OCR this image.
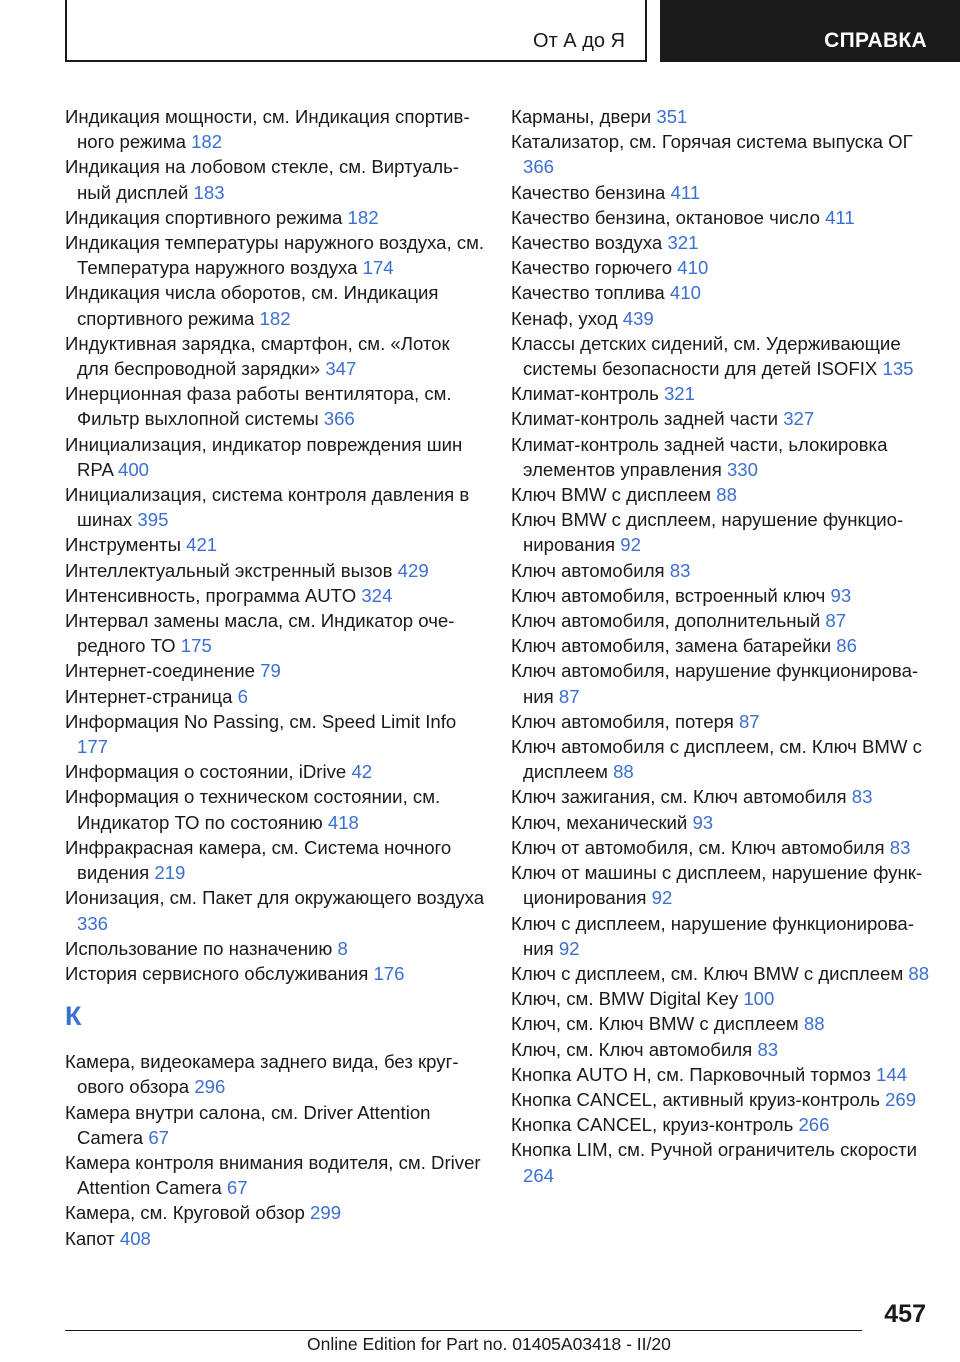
От А до Я	СПРАВКА
Индикация мощности, см. Индикация спортивного режима 182
Индикация на лобовом стекле, см. Виртуальный дисплей 183
Индикация спортивного режима 182
Индикация температуры наружного воздуха, см. Температура наружного воздуха 174
Индикация числа оборотов, см. Индикация спортивного режима 182
Индуктивная зарядка, смартфон, см. «Лоток для беспроводной зарядки» 347
Инерционная фаза работы вентилятора, см. Фильтр выхлопной системы 366
Инициализация, индикатор повреждения шин RPA 400
Инициализация, система контроля давления в шинах 395
Инструменты 421
Интеллектуальный экстренный вызов 429
Интенсивность, программа AUTO 324
Интервал замены масла, см. Индикатор очередного ТО 175
Интернет-соединение 79
Интернет-страница 6
Информация No Passing, см. Speed Limit Info 177
Информация о состоянии, iDrive 42
Информация о техническом состоянии, см. Индикатор ТО по состоянию 418
Инфракрасная камера, см. Система ночного видения 219
Ионизация, см. Пакет для окружающего воздуха 336
Использование по назначению 8
История сервисного обслуживания 176
К
Камера, видеокамера заднего вида, без кругового обзора 296
Камера внутри салона, см. Driver Attention Camera 67
Камера контроля внимания водителя, см. Driver Attention Camera 67
Камера, см. Круговой обзор 299
Капот 408
Карманы, двери 351
Катализатор, см. Горячая система выпуска ОГ 366
Качество бензина 411
Качество бензина, октановое число 411
Качество воздуха 321
Качество горючего 410
Качество топлива 410
Кенаф, уход 439
Классы детских сидений, см. Удерживающие системы безопасности для детей ISOFIX 135
Климат-контроль 321
Климат-контроль задней части 327
Климат-контроль задней части, ьлокировка элементов управления 330
Ключ BMW с дисплеем 88
Ключ BMW с дисплеем, нарушение функционирования 92
Ключ автомобиля 83
Ключ автомобиля, встроенный ключ 93
Ключ автомобиля, дополнительный 87
Ключ автомобиля, замена батарейки 86
Ключ автомобиля, нарушение функционирования 87
Ключ автомобиля, потеря 87
Ключ автомобиля с дисплеем, см. Ключ BMW с дисплеем 88
Ключ зажигания, см. Ключ автомобиля 83
Ключ, механический 93
Ключ от автомобиля, см. Ключ автомобиля 83
Ключ от машины с дисплеем, нарушение функционирования 92
Ключ с дисплеем, нарушение функционирования 92
Ключ с дисплеем, см. Ключ BMW с дисплеем 88
Ключ, см. BMW Digital Key 100
Ключ, см. Ключ BMW с дисплеем 88
Ключ, см. Ключ автомобиля 83
Кнопка AUTO H, см. Парковочный тормоз 144
Кнопка CANCEL, активный круиз-контроль 269
Кнопка CANCEL, круиз-контроль 266
Кнопка LIM, см. Ручной ограничитель скорости 264
457
Online Edition for Part no. 01405A03418 - II/20
